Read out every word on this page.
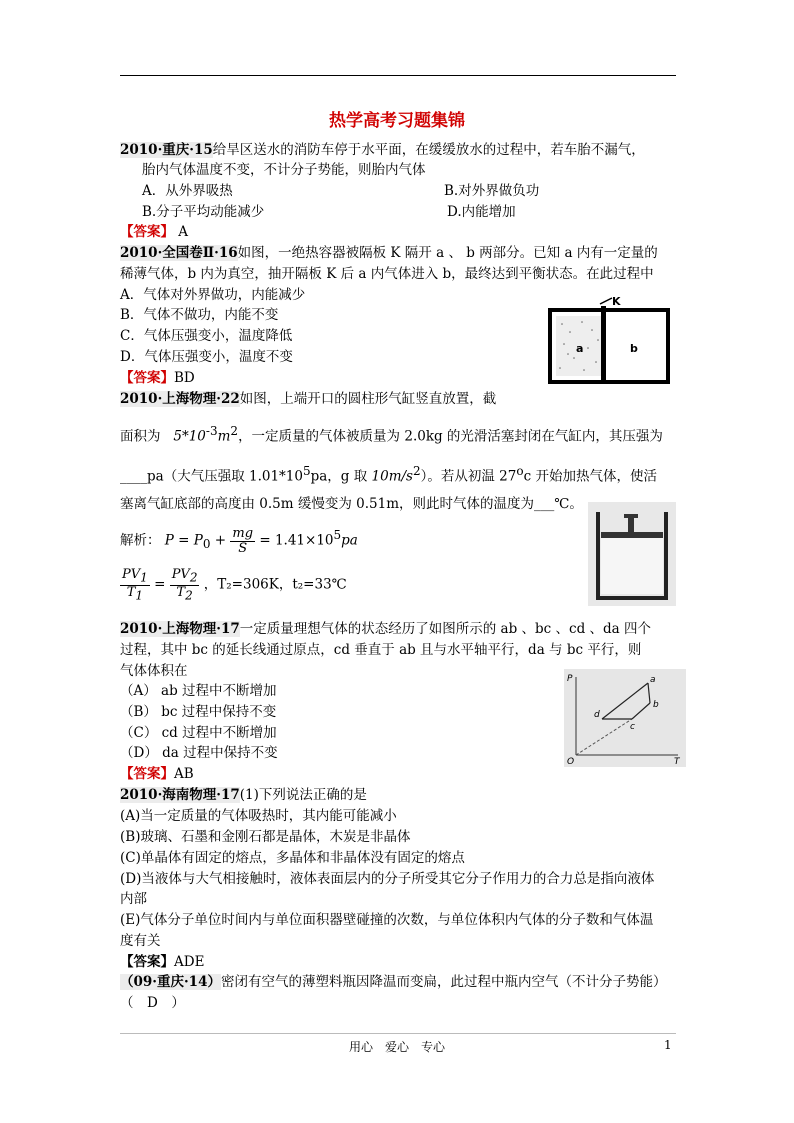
热学高考习题集锦
2010·重庆·15给旱区送水的消防车停于水平面，在缓缓放水的过程中，若车胎不漏气，
胎内气体温度不变，不计分子势能，则胎内气体
A．从外界吸热	B.对外界做负功
B.分子平均动能减少	D.内能增加
【答案】 A
2010·全国卷Ⅱ·16如图，一绝热容器被隔板 K 隔开 a 、 b 两部分。已知 a 内有一定量的
稀薄气体，b 内为真空，抽开隔板 K 后 a 内气体进入 b，最终达到平衡状态。在此过程中
A．气体对外界做功，内能减少
B．气体不做功，内能不变
C．气体压强变小，温度降低
D．气体压强变小，温度不变
【答案】BD
K
a	b
2010·上海物理·22如图，上端开口的圆柱形气缸竖直放置，截
面积为 $5*10^{-3}m^2$，一定质量的气体被质量为 2.0kg 的光滑活塞封闭在气缸内，其压强为
____pa（大气压强取 $1.01*10^5pa$，g 取 $10m/s^2$）。若从初温 27$^o$c 开始加热气体，使活
塞离气缸底部的高度由 0.5m 缓慢变为 0.51m，则此时气体的温度为___℃。
解析： $P = P_0 + \frac{mg}{S} = 1.41\times 10^5pa$
$\frac{PV_1}{T_1} = \frac{PV_2}{T_2}$ ，T₂=306K，t₂=33℃
2010·上海物理·17一定质量理想气体的状态经历了如图所示的 ab 、bc 、cd 、da 四个
过程，其中 bc 的延长线通过原点，cd 垂直于 ab 且与水平轴平行，da 与 bc 平行，则
气体体积在
（A） ab 过程中不断增加
（B） bc 过程中保持不变
（C） cd 过程中不断增加
（D） da 过程中保持不变
【答案】AB
P
T
O
a
b
c
d
2010·海南物理·17(1)下列说法正确的是
(A)当一定质量的气体吸热时，其内能可能减小
(B)玻璃、石墨和金刚石都是晶体，木炭是非晶体
(C)单晶体有固定的熔点，多晶体和非晶体没有固定的熔点
(D)当液体与大气相接触时，液体表面层内的分子所受其它分子作用力的合力总是指向液体
内部
(E)气体分子单位时间内与单位面积器壁碰撞的次数，与单位体积内气体的分子数和气体温
度有关
【答案】ADE
（09·重庆·14）密闭有空气的薄塑料瓶因降温而变扁，此过程中瓶内空气（不计分子势能）
（　D　）
用心　爱心　专心	1
